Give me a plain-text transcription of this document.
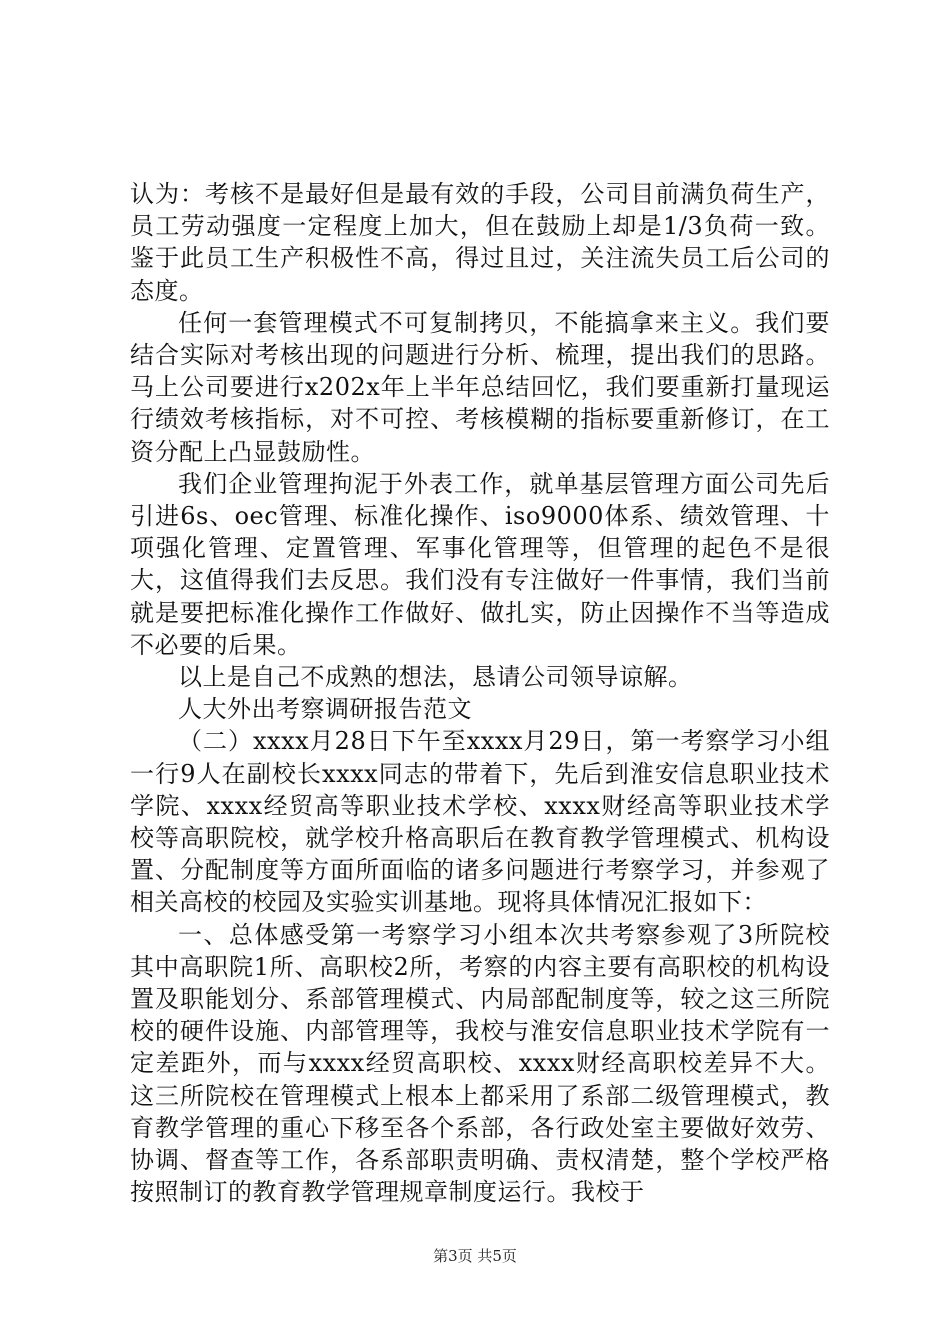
认为：考核不是最好但是最有效的手段，公司目前满负荷生产，员工劳动强度一定程度上加大，但在鼓励上却是1/3负荷一致。鉴于此员工生产积极性不高，得过且过，关注流失员工后公司的态度。

任何一套管理模式不可复制拷贝，不能搞拿来主义。我们要结合实际对考核出现的问题进行分析、梳理，提出我们的思路。马上公司要进行x202x年上半年总结回忆，我们要重新打量现运行绩效考核指标，对不可控、考核模糊的指标要重新修订，在工资分配上凸显鼓励性。

我们企业管理拘泥于外表工作，就单基层管理方面公司先后引进6s、oec管理、标准化操作、iso9000体系、绩效管理、十项强化管理、定置管理、军事化管理等，但管理的起色不是很大，这值得我们去反思。我们没有专注做好一件事情，我们当前就是要把标准化操作工作做好、做扎实，防止因操作不当等造成不必要的后果。

以上是自己不成熟的想法，恳请公司领导谅解。

人大外出考察调研报告范文

（二）xxxx月28日下午至xxxx月29日，第一考察学习小组一行9人在副校长xxxx同志的带着下，先后到淮安信息职业技术学院、xxxx经贸高等职业技术学校、xxxx财经高等职业技术学校等高职院校，就学校升格高职后在教育教学管理模式、机构设置、分配制度等方面所面临的诸多问题进行考察学习，并参观了相关高校的校园及实验实训基地。现将具体情况汇报如下：

一、总体感受第一考察学习小组本次共考察参观了3所院校其中高职院1所、高职校2所，考察的内容主要有高职校的机构设置及职能划分、系部管理模式、内局部配制度等，较之这三所院校的硬件设施、内部管理等，我校与淮安信息职业技术学院有一定差距外，而与xxxx经贸高职校、xxxx财经高职校差异不大。这三所院校在管理模式上根本上都采用了系部二级管理模式，教育教学管理的重心下移至各个系部，各行政处室主要做好效劳、协调、督查等工作，各系部职责明确、责权清楚，整个学校严格按照制订的教育教学管理规章制度运行。我校于

第3页 共5页
